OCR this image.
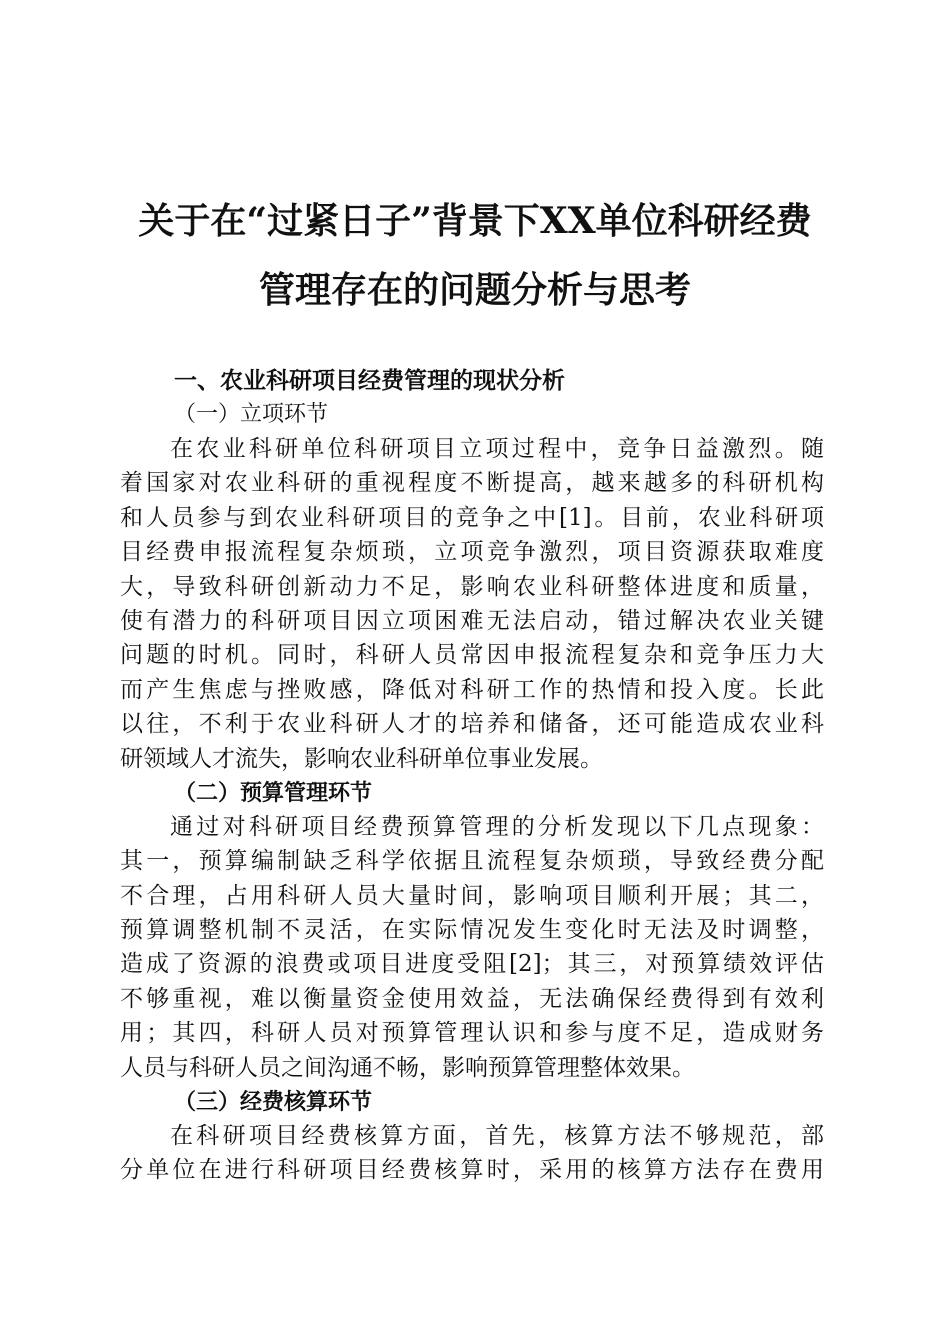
关于在“过紧日子”背景下XX单位科研经费
管理存在的问题分析与思考
一、农业科研项目经费管理的现状分析
（一）立项环节
在农业科研单位科研项目立项过程中，竞争日益激烈。随
着国家对农业科研的重视程度不断提高，越来越多的科研机构
和人员参与到农业科研项目的竞争之中[1]。目前，农业科研项
目经费申报流程复杂烦琐，立项竞争激烈，项目资源获取难度
大，导致科研创新动力不足，影响农业科研整体进度和质量，
使有潜力的科研项目因立项困难无法启动，错过解决农业关键
问题的时机。同时，科研人员常因申报流程复杂和竞争压力大
而产生焦虑与挫败感，降低对科研工作的热情和投入度。长此
以往，不利于农业科研人才的培养和储备，还可能造成农业科
研领域人才流失，影响农业科研单位事业发展。
（二）预算管理环节
通过对科研项目经费预算管理的分析发现以下几点现象：
其一，预算编制缺乏科学依据且流程复杂烦琐，导致经费分配
不合理，占用科研人员大量时间，影响项目顺利开展；其二，
预算调整机制不灵活，在实际情况发生变化时无法及时调整，
造成了资源的浪费或项目进度受阻[2]；其三，对预算绩效评估
不够重视，难以衡量资金使用效益，无法确保经费得到有效利
用；其四，科研人员对预算管理认识和参与度不足，造成财务
人员与科研人员之间沟通不畅，影响预算管理整体效果。
（三）经费核算环节
在科研项目经费核算方面，首先，核算方法不够规范，部
分单位在进行科研项目经费核算时，采用的核算方法存在费用
